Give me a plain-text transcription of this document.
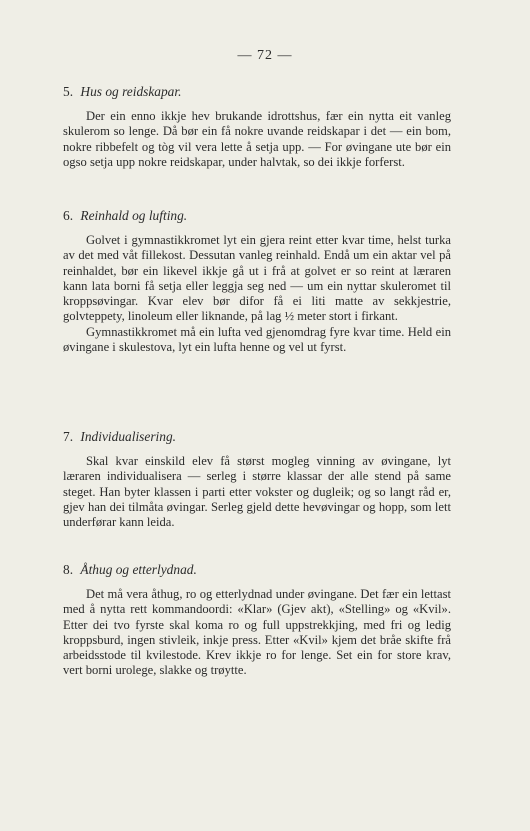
— 72 —

5. Hus og reidskapar.

Der ein enno ikkje hev brukande idrottshus, fær ein nytta eit vanleg skulerom so lenge. Då bør ein få nokre uvande reidskapar i det — ein bom, nokre ribbefelt og tòg vil vera lette å setja upp. — For øvingane ute bør ein ogso setja upp nokre reidskapar, under halvtak, so dei ikkje forferst.

6. Reinhald og lufting.

Golvet i gymnastikkromet lyt ein gjera reint etter kvar time, helst turka av det med våt fillekost. Dessutan vanleg reinhald. Endå um ein aktar vel på reinhaldet, bør ein likevel ikkje gå ut i frå at golvet er so reint at læraren kann lata borni få setja eller leggja seg ned — um ein nyttar skuleromet til kroppsøvingar. Kvar elev bør difor få ei liti matte av sekkjestrie, golvteppety, linoleum eller liknande, på lag ½ meter stort i firkant.

Gymnastikkromet må ein lufta ved gjenomdrag fyre kvar time. Held ein øvingane i skulestova, lyt ein lufta henne og vel ut fyrst.

7. Individualisering.

Skal kvar einskild elev få størst mogleg vinning av øvingane, lyt læraren individualisera — serleg i større klassar der alle stend på same steget. Han byter klassen i parti etter vokster og dugleik; og so langt råd er, gjev han dei tilmåta øvingar. Serleg gjeld dette hevøvingar og hopp, som lett underførar kann leida.

8. Åthug og etterlydnad.

Det må vera åthug, ro og etterlydnad under øvingane. Det fær ein lettast med å nytta rett kommandoordi: «Klar» (Gjev akt), «Stelling» og «Kvil». Etter dei tvo fyrste skal koma ro og full uppstrekkjing, med fri og ledig kroppsburd, ingen stivleik, inkje press. Etter «Kvil» kjem det bråe skifte frå arbeidsstode til kvilestode. Krev ikkje ro for lenge. Set ein for store krav, vert borni urolege, slakke og trøytte.
